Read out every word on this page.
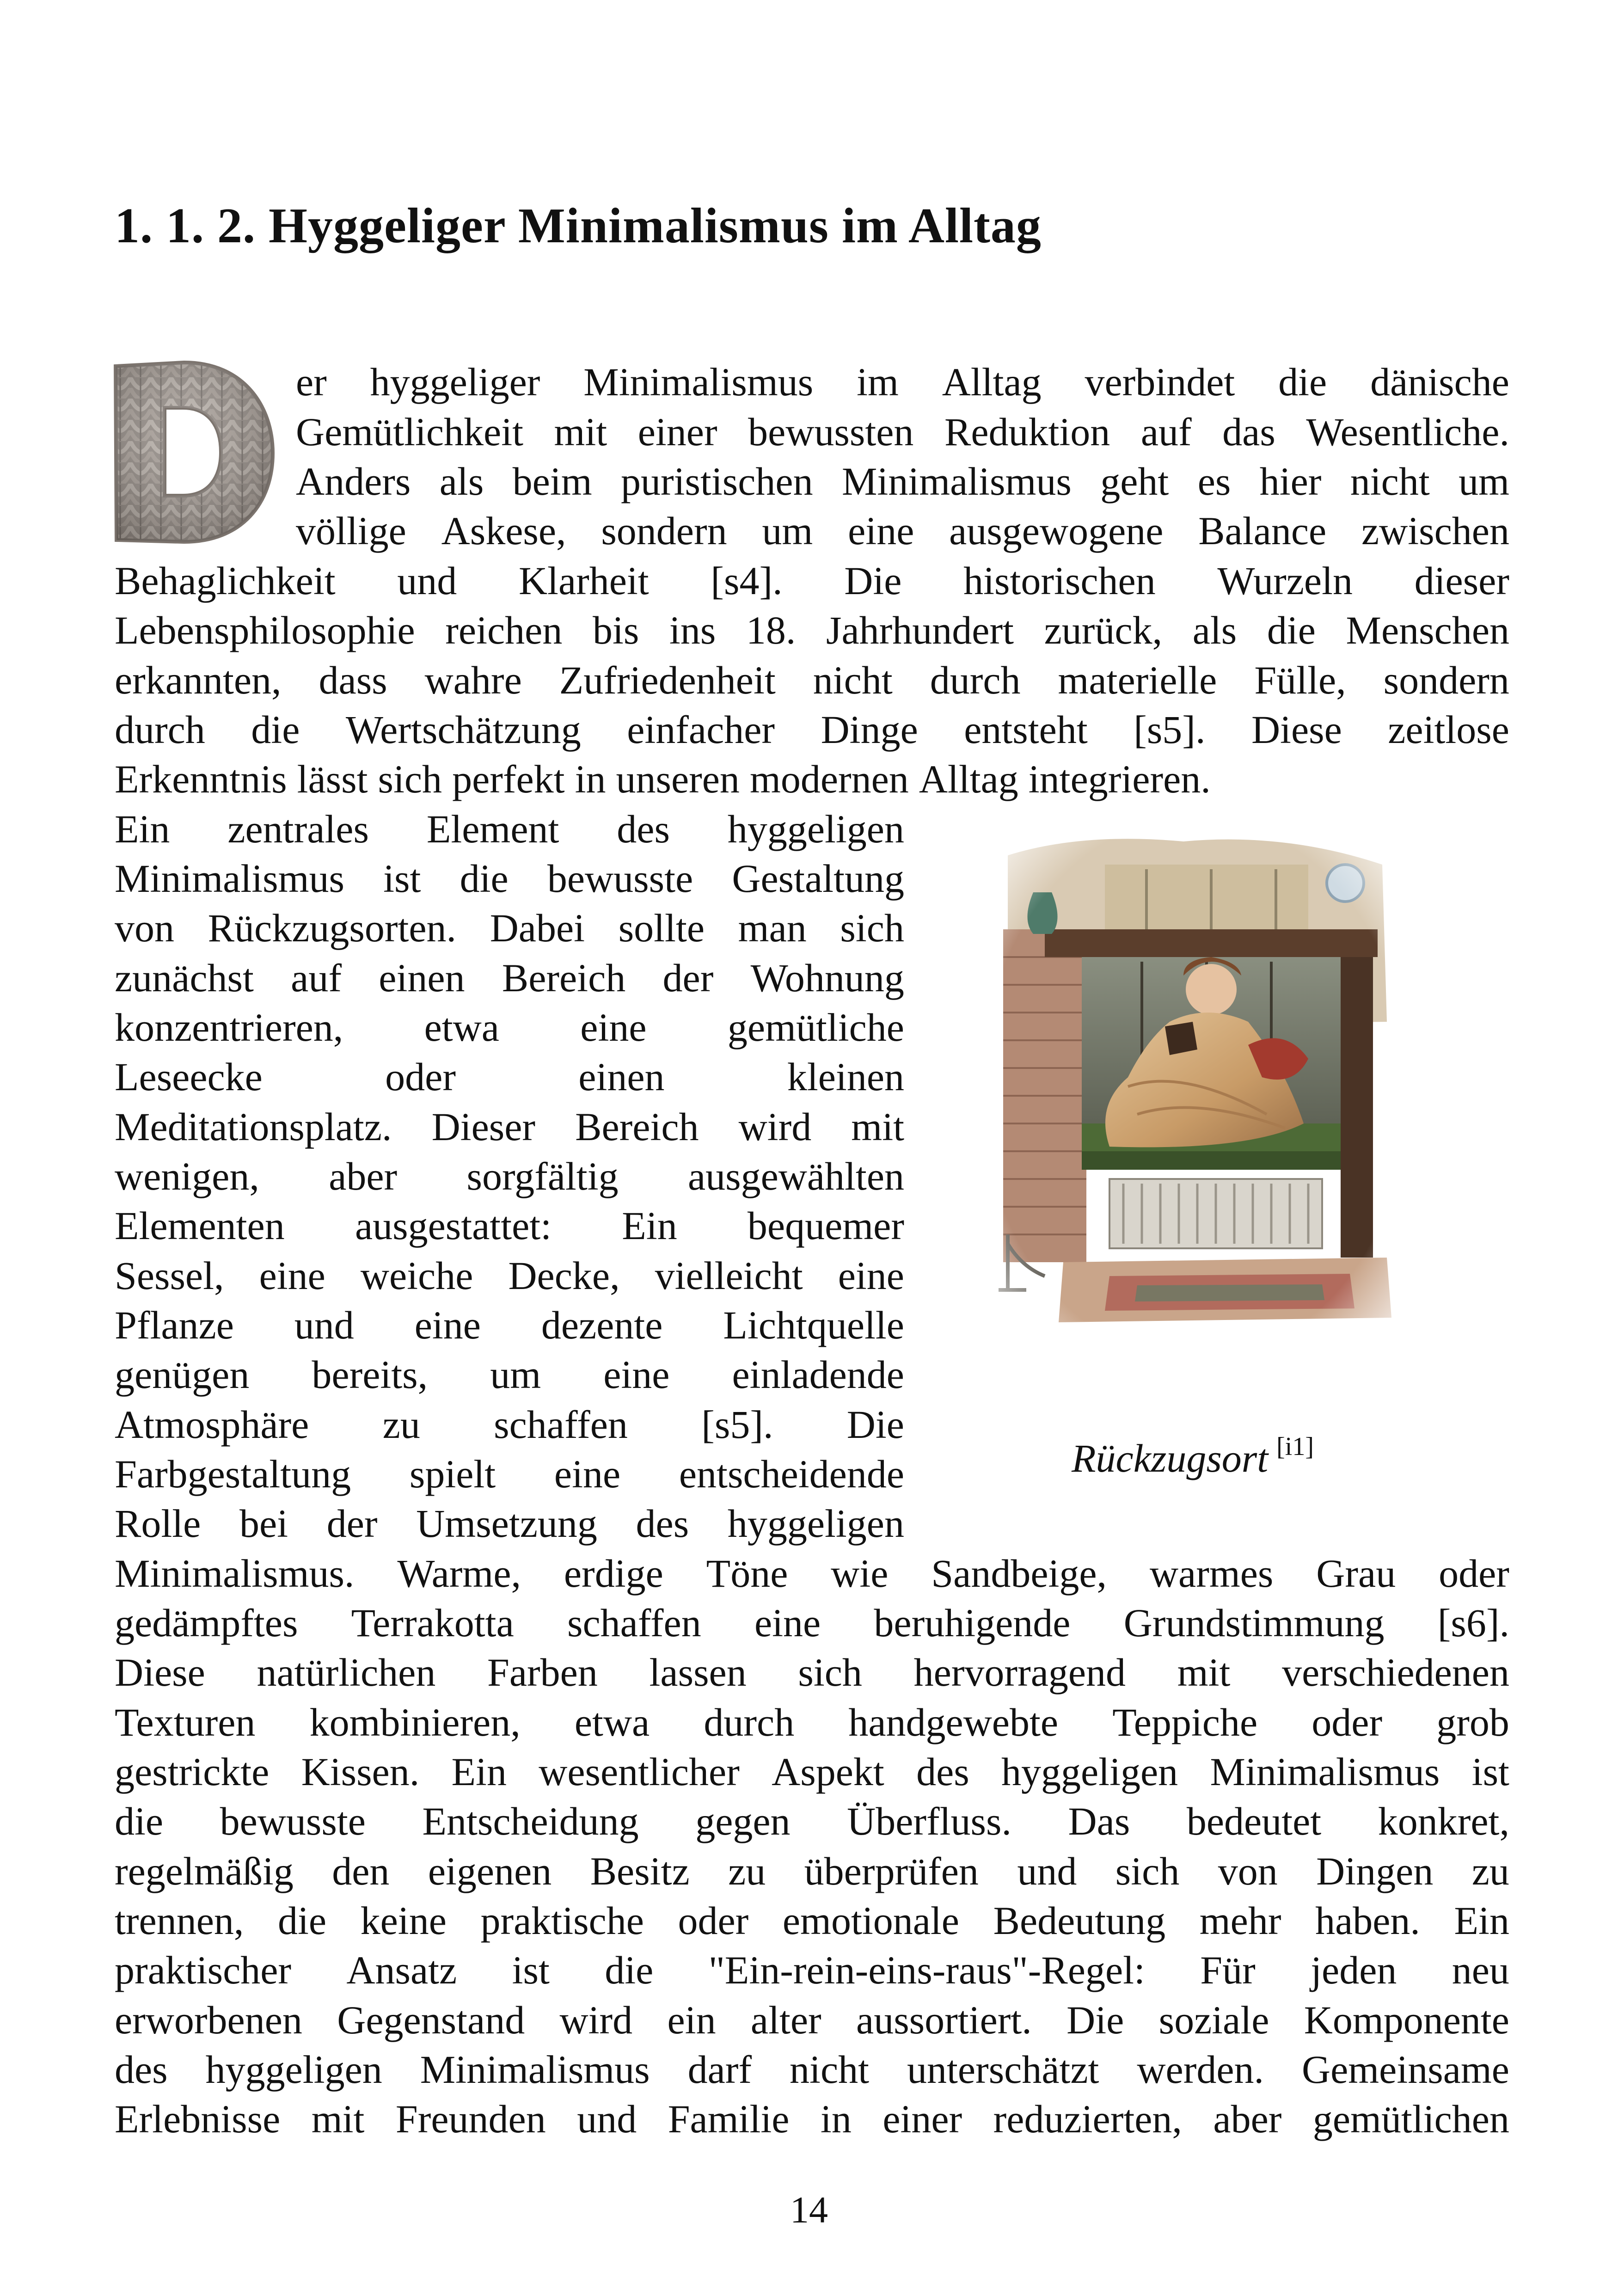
1. 1. 2. Hyggeliger Minimalismus im Alltag
er hyggeliger Minimalismus im Alltag verbindet die dänische
Gemütlichkeit mit einer bewussten Reduktion auf das Wesentliche.
Anders als beim puristischen Minimalismus geht es hier nicht um
völlige Askese, sondern um eine ausgewogene Balance zwischen
Behaglichkeit und Klarheit [s4]. Die historischen Wurzeln dieser
Lebensphilosophie reichen bis ins 18. Jahrhundert zurück, als die Menschen
erkannten, dass wahre Zufriedenheit nicht durch materielle Fülle, sondern
durch die Wertschätzung einfacher Dinge entsteht [s5]. Diese zeitlose
Erkenntnis lässt sich perfekt in unseren modernen Alltag integrieren.
Ein zentrales Element des hyggeligen
Minimalismus ist die bewusste Gestaltung
von Rückzugsorten. Dabei sollte man sich
zunächst auf einen Bereich der Wohnung
konzentrieren, etwa eine gemütliche
Leseecke	oder	einen	kleinen
Meditationsplatz. Dieser Bereich wird mit
wenigen, aber sorgfältig ausgewählten
Elementen ausgestattet: Ein bequemer
Sessel, eine weiche Decke, vielleicht eine
Pflanze und eine dezente Lichtquelle
genügen bereits, um eine einladende
Atmosphäre zu schaffen [s5]. Die
Farbgestaltung spielt eine entscheidende
Rolle bei der Umsetzung des hyggeligen
Minimalismus. Warme, erdige Töne wie Sandbeige, warmes Grau oder
gedämpftes Terrakotta schaffen eine beruhigende Grundstimmung [s6].
Diese natürlichen Farben lassen sich hervorragend mit verschiedenen
Texturen kombinieren, etwa durch handgewebte Teppiche oder grob
gestrickte Kissen. Ein wesentlicher Aspekt des hyggeligen Minimalismus ist
die bewusste Entscheidung gegen Überfluss. Das bedeutet konkret,
regelmäßig den eigenen Besitz zu überprüfen und sich von Dingen zu
trennen, die keine praktische oder emotionale Bedeutung mehr haben. Ein
praktischer Ansatz ist die "Ein-rein-eins-raus"-Regel: Für jeden neu
erworbenen Gegenstand wird ein alter aussortiert. Die soziale Komponente
des hyggeligen Minimalismus darf nicht unterschätzt werden. Gemeinsame
Erlebnisse mit Freunden und Familie in einer reduzierten, aber gemütlichen
Rückzugsort [i1]
14
